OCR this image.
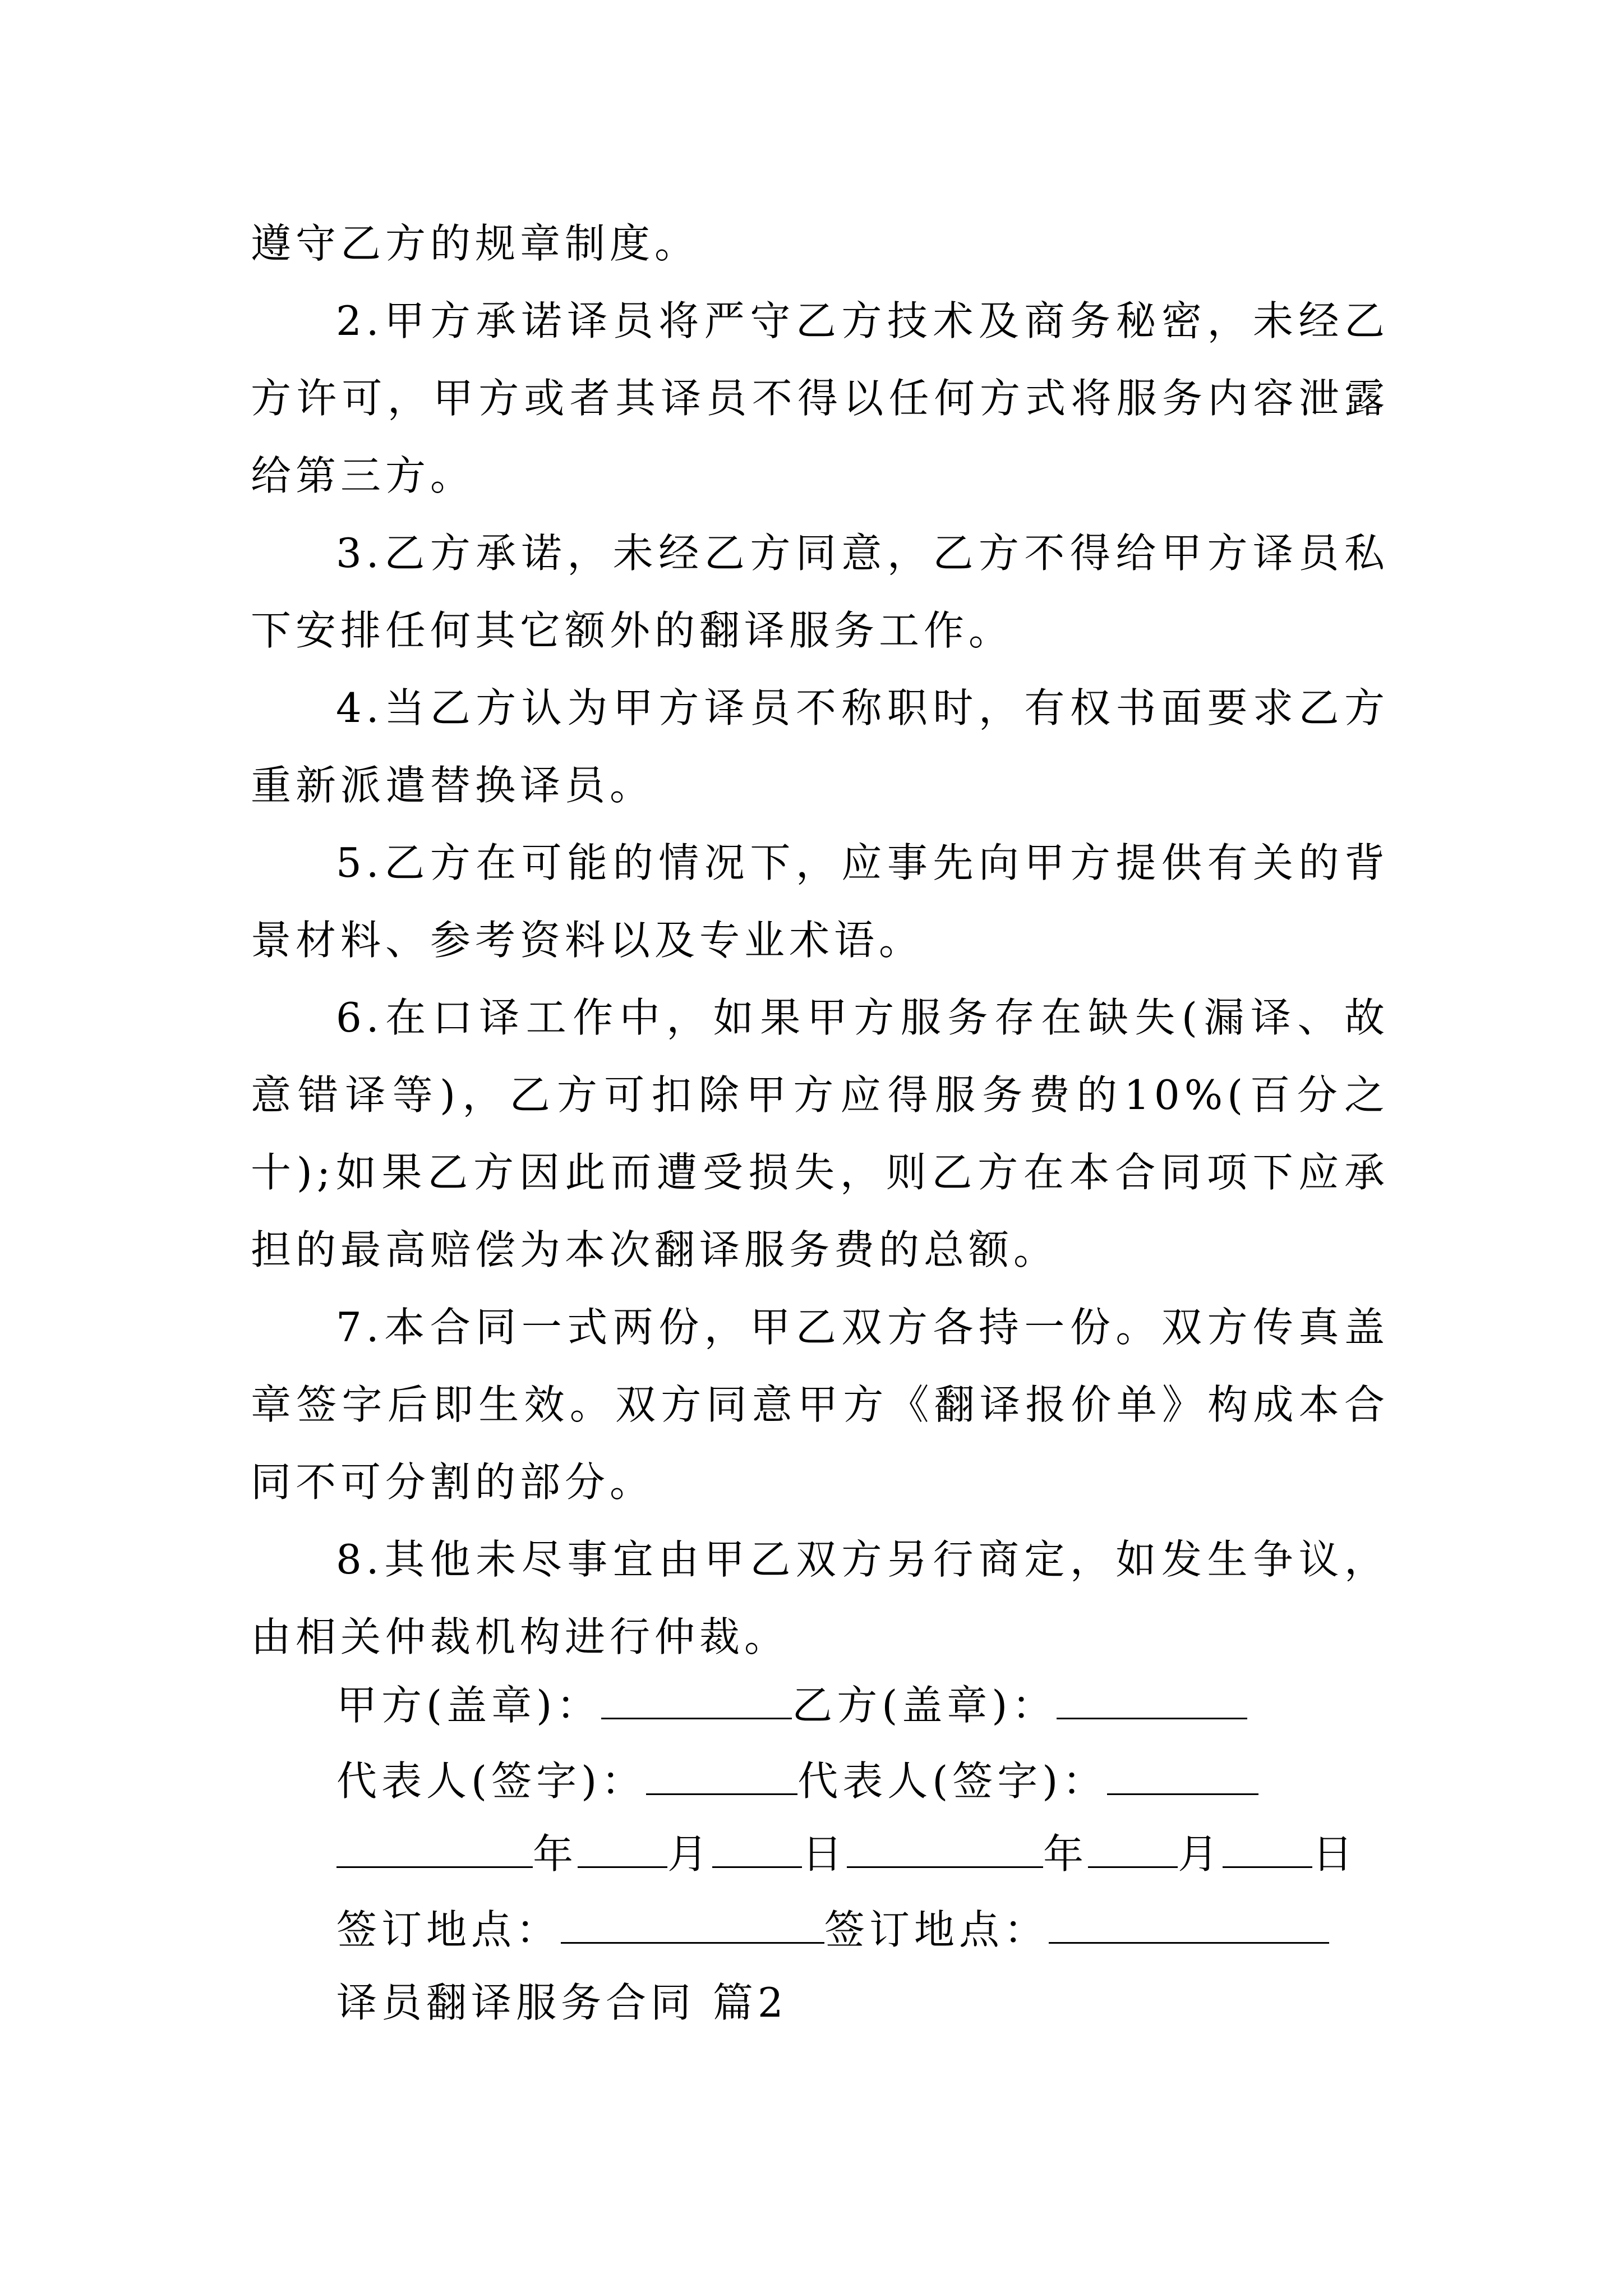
遵守乙方的规章制度。

2.甲方承诺译员将严守乙方技术及商务秘密，未经乙方许可，甲方或者其译员不得以任何方式将服务内容泄露给第三方。

3.乙方承诺，未经乙方同意，乙方不得给甲方译员私下安排任何其它额外的翻译服务工作。

4.当乙方认为甲方译员不称职时，有权书面要求乙方重新派遣替换译员。

5.乙方在可能的情况下，应事先向甲方提供有关的背景材料、参考资料以及专业术语。

6.在口译工作中，如果甲方服务存在缺失(漏译、故意错译等)，乙方可扣除甲方应得服务费的10%(百分之十);如果乙方因此而遭受损失，则乙方在本合同项下应承担的最高赔偿为本次翻译服务费的总额。

7.本合同一式两份，甲乙双方各持一份。双方传真盖章签字后即生效。双方同意甲方《翻译报价单》构成本合同不可分割的部分。

8.其他未尽事宜由甲乙双方另行商定，如发生争议，由相关仲裁机构进行仲裁。

甲方(盖章)：	乙方(盖章)：
代表人(签字)：	代表人(签字)：
年 月 日	年 月 日
签订地点：	签订地点：
译员翻译服务合同 篇2
